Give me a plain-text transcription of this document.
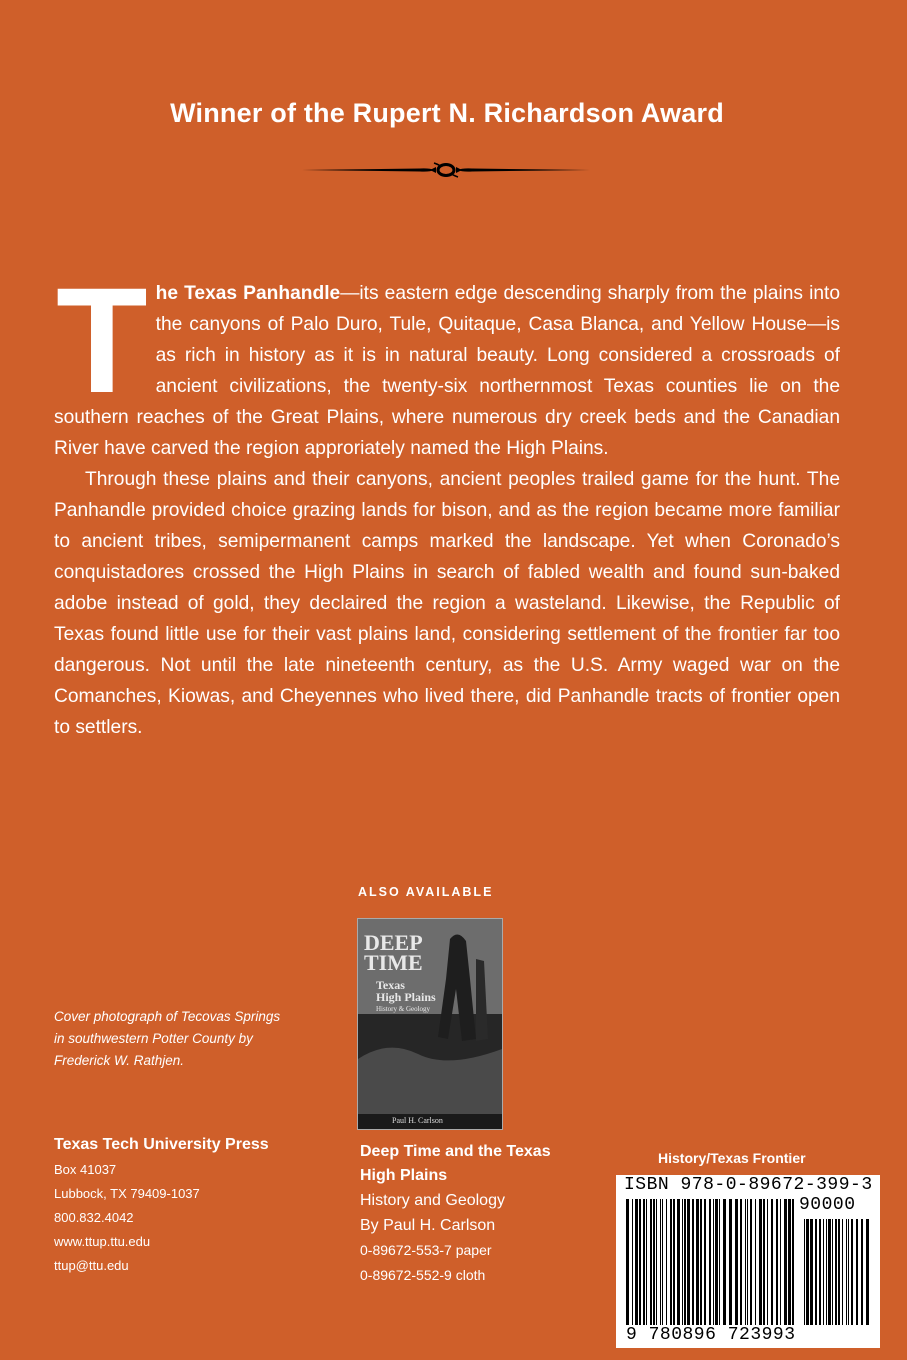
Winner of the Rupert N. Richardson Award

The Texas Panhandle—its eastern edge descending sharply from the plains into the canyons of Palo Duro, Tule, Quitaque, Casa Blanca, and Yellow House—is as rich in history as it is in natural beauty. Long considered a crossroads of ancient civilizations, the twenty-six northernmost Texas counties lie on the southern reaches of the Great Plains, where numerous dry creek beds and the Canadian River have carved the region approriately named the High Plains.

Through these plains and their canyons, ancient peoples trailed game for the hunt. The Panhandle provided choice grazing lands for bison, and as the region became more familiar to ancient tribes, semipermanent camps marked the landscape. Yet when Coronado’s conquistadores crossed the High Plains in search of fabled wealth and found sun-baked adobe instead of gold, they declaired the region a wasteland. Likewise, the Republic of Texas found little use for their vast plains land, considering settlement of the frontier far too dangerous. Not until the late nineteenth century, as the U.S. Army waged war on the Comanches, Kiowas, and Cheyennes who lived there, did Panhandle tracts of frontier open to settlers.

ALSO AVAILABLE
DEEP
TIME
Texas
High Plains
History & Geology
Paul H. Carlson
Cover photograph of Tecovas Springs
in southwestern Potter County by
Frederick W. Rathjen.
Texas Tech University Press
Box 41037
Lubbock, TX 79409-1037
800.832.4042
www.ttup.ttu.edu
ttup@ttu.edu
Deep Time and the Texas
High Plains
History and Geology
By Paul H. Carlson
0-89672-553-7 paper
0-89672-552-9 cloth
History/Texas Frontier
ISBN 978-0-89672-399-3
90000
9 780896 723993
